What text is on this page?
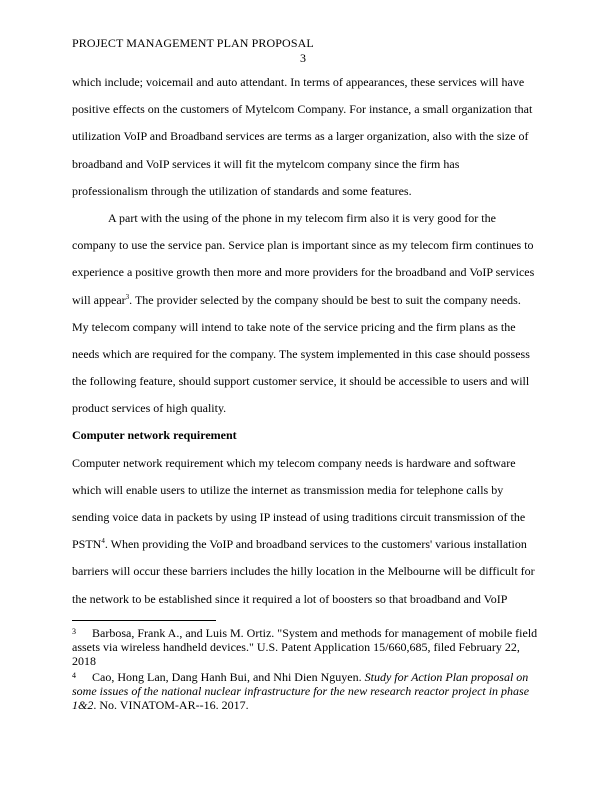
PROJECT MANAGEMENT PLAN PROPOSAL
3
which include; voicemail and auto attendant. In terms of appearances, these services will have
positive effects on the customers of Mytelcom Company. For instance, a small organization that
utilization VoIP and Broadband services are terms as a larger organization, also with the size of
broadband and VoIP services it will fit the mytelcom company since the firm has
professionalism through the utilization of standards and some features.
A part with the using of the phone in my telecom firm also it is very good for the
company to use the service pan. Service plan is important since as my telecom firm continues to
experience a positive growth then more and more providers for the broadband and VoIP services
will appear$^3$. The provider selected by the company should be best to suit the company needs.
My telecom company will intend to take note of the service pricing and the firm plans as the
needs which are required for the company. The system implemented in this case should possess
the following feature, should support customer service, it should be accessible to users and will
product services of high quality.
Computer network requirement
Computer network requirement which my telecom company needs is hardware and software
which will enable users to utilize the internet as transmission media for telephone calls by
sending voice data in packets by using IP instead of using traditions circuit transmission of the
PSTN$^4$. When providing the VoIP and broadband services to the customers' various installation
barriers will occur these barriers includes the hilly location in the Melbourne will be difficult for
the network to be established since it required a lot of boosters so that broadband and VoIP
3 Barbosa, Frank A., and Luis M. Ortiz. "System and methods for management of mobile field assets via wireless handheld devices." U.S. Patent Application 15/660,685, filed February 22, 2018
4 Cao, Hong Lan, Dang Hanh Bui, and Nhi Dien Nguyen. Study for Action Plan proposal on some issues of the national nuclear infrastructure for the new research reactor project in phase 1&2. No. VINATOM-AR--16. 2017.
